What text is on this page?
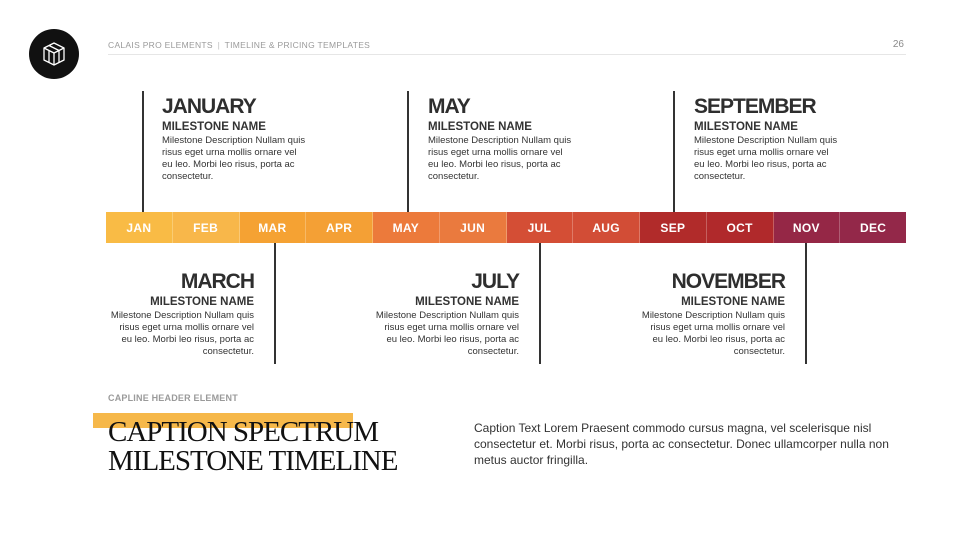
CALAIS PRO ELEMENTS | TIMELINE & PRICING TEMPLATES	26
JAN	FEB	MAR	APR	MAY	JUN	JUL	AUG	SEP	OCT	NOV	DEC
JANUARY
MILESTONE NAME
Milestone Description Nullam quis
risus eget urna mollis ornare vel
eu leo. Morbi leo risus, porta ac
consectetur.
MAY
MILESTONE NAME
Milestone Description Nullam quis
risus eget urna mollis ornare vel
eu leo. Morbi leo risus, porta ac
consectetur.
SEPTEMBER
MILESTONE NAME
Milestone Description Nullam quis
risus eget urna mollis ornare vel
eu leo. Morbi leo risus, porta ac
consectetur.
MARCH
MILESTONE NAME
Milestone Description Nullam quis
risus eget urna mollis ornare vel
eu leo. Morbi leo risus, porta ac
consectetur.
JULY
MILESTONE NAME
Milestone Description Nullam quis
risus eget urna mollis ornare vel
eu leo. Morbi leo risus, porta ac
consectetur.
NOVEMBER
MILESTONE NAME
Milestone Description Nullam quis
risus eget urna mollis ornare vel
eu leo. Morbi leo risus, porta ac
consectetur.
CAPLINE HEADER ELEMENT
CAPTION SPECTRUM
MILESTONE TIMELINE
Caption Text Lorem Praesent commodo cursus magna, vel scelerisque nisl consectetur et. Morbi risus, porta ac consectetur. Donec ullamcorper nulla non metus auctor fringilla.
